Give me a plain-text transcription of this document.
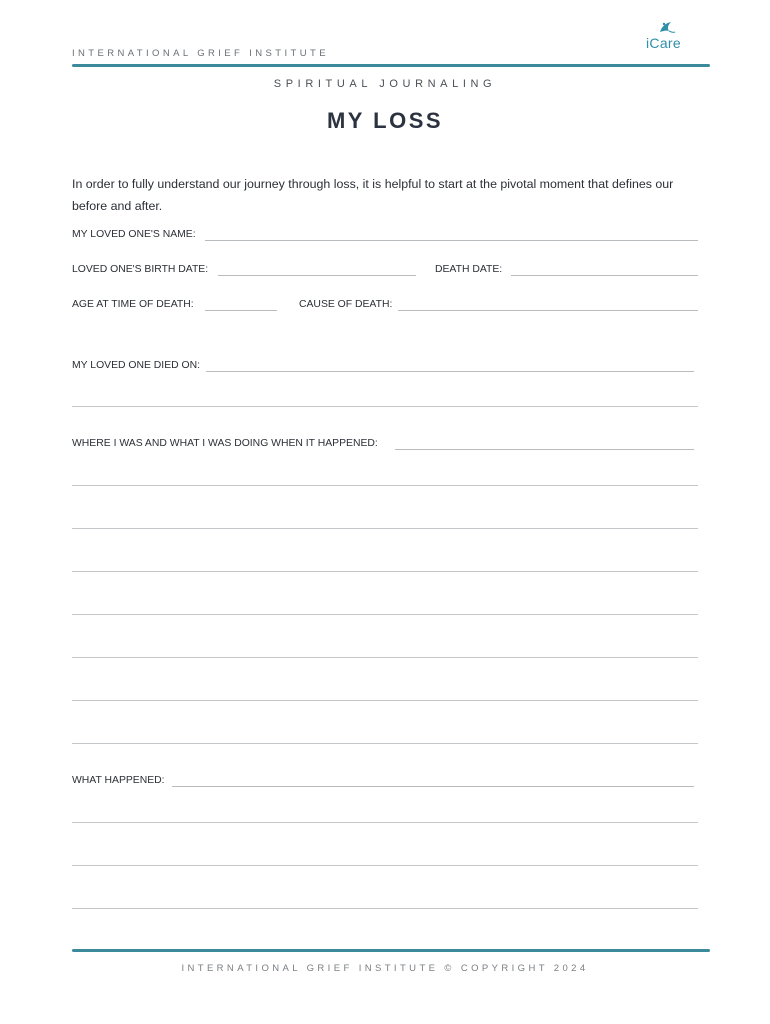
INTERNATIONAL GRIEF INSTITUTE
iCare
SPIRITUAL JOURNALING
MY LOSS
In order to fully understand our journey through loss, it is helpful to start at the pivotal moment that defines our before and after.
MY LOVED ONE'S NAME:
LOVED ONE'S BIRTH DATE:	DEATH DATE:
AGE AT TIME OF DEATH:	CAUSE OF DEATH:
MY LOVED ONE DIED ON:
WHERE I WAS AND WHAT I WAS DOING WHEN IT HAPPENED:
WHAT HAPPENED:
INTERNATIONAL GRIEF INSTITUTE © COPYRIGHT 2024
